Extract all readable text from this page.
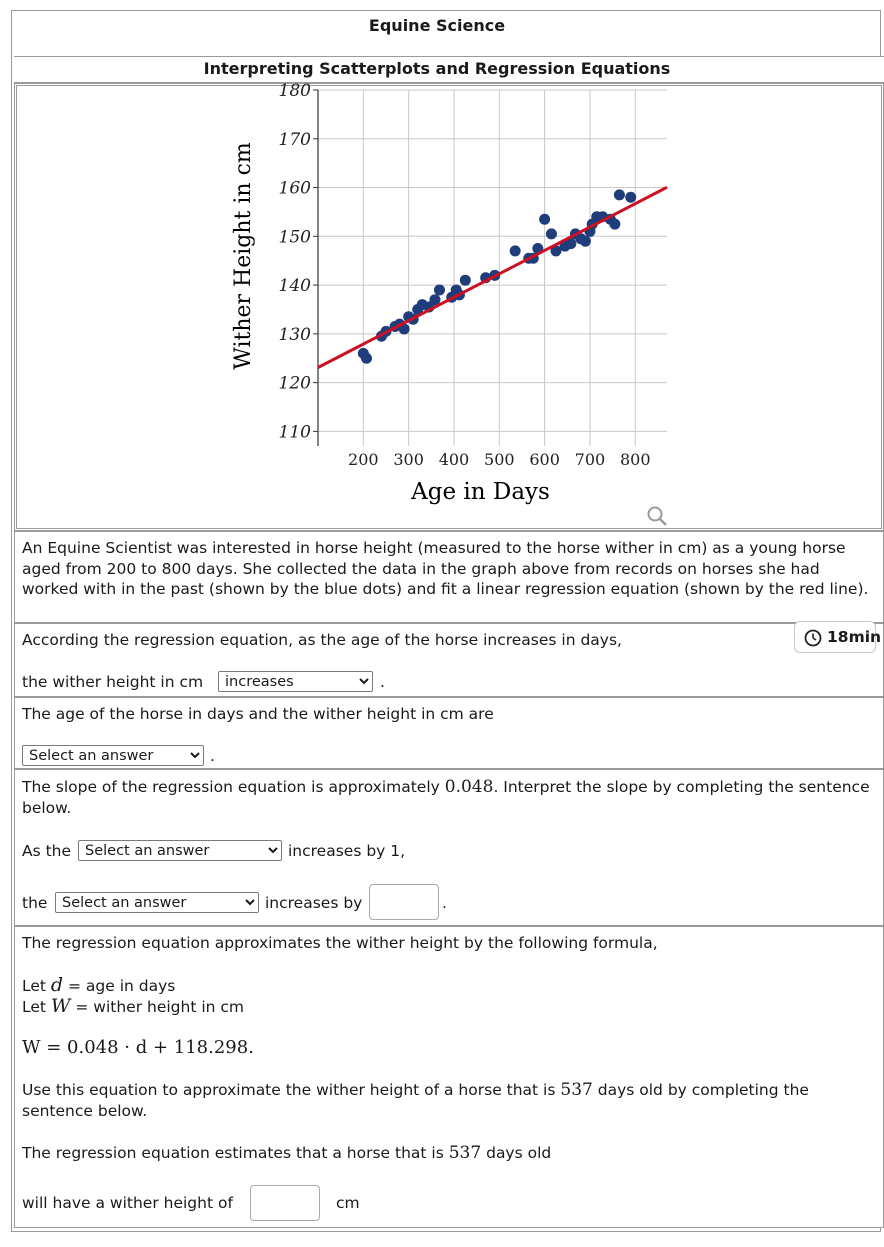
Equine Science
Interpreting Scatterplots and Regression Equations
180
170
160
150
140
130
120
110
200 300 400 500 600 700 800
Age in Days
Wither Height in cm
An Equine Scientist was interested in horse height (measured to the horse wither in cm) as a young horse aged from 200 to 800 days. She collected the data in the graph above from records on horses she had worked with in the past (shown by the blue dots) and fit a linear regression equation (shown by the red line).
According the regression equation, as the age of the horse increases in days,	18min
the wither height in cm
increases	.
The age of the horse in days and the wither height in cm are
Select an answer
.
The slope of the regression equation is approximately 0.048. Interpret the slope by completing the sentence below.
As the
Select an answer	increases by 1,
the
Select an answer	increases by	.
The regression equation approximates the wither height by the following formula,
Let d = age in days
Let W = wither height in cm
W = 0.048 · d + 118.298.
Use this equation to approximate the wither height of a horse that is 537 days old by completing the sentence below.
The regression equation estimates that a horse that is 537 days old
will have a wither height of	cm
